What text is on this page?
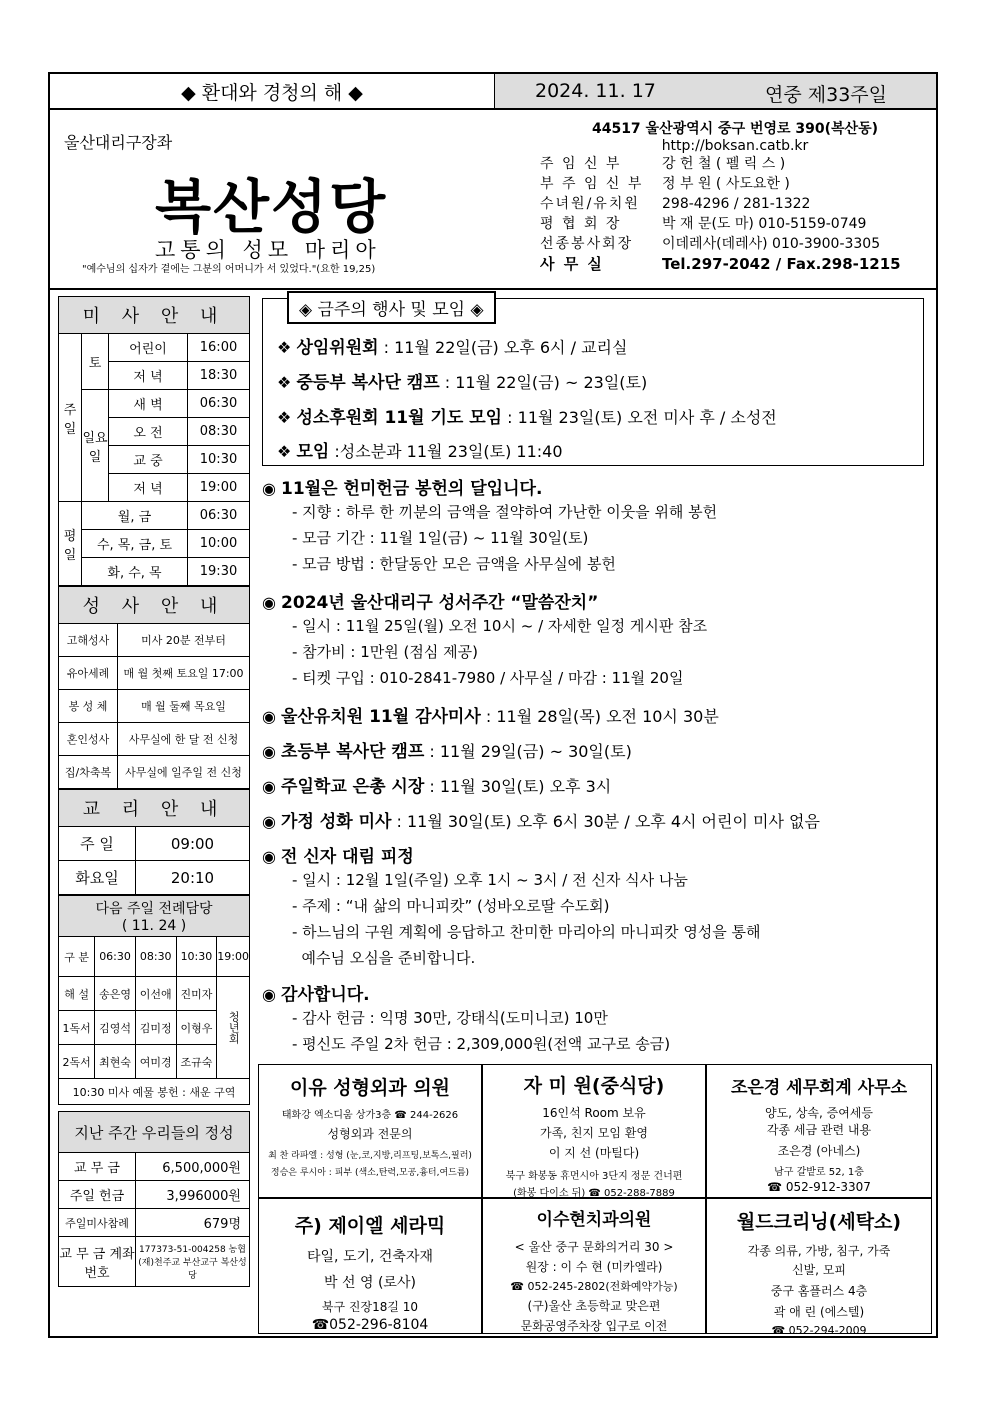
◆ 환대와 경청의 해 ◆	2024. 11. 17	연중 제33주일
울산대리구장좌
복산성당
고통의 성모 마리아
"예수님의 십자가 곁에는 그분의 어머니가 서 있었다."(요한 19,25)
44517 울산광역시 중구 번영로 390(복산동)
http://boksan.catb.kr
주 임 신 부	강 헌 철 ( 펠 릭 스 )
부 주 임 신 부	정 부 원 ( 사도요한 )
수녀원/유치원	298-4296 / 281-1322
평 협 회 장	박 재 문(도 마) 010-5159-0749
선종봉사회장	이데레사(데레사) 010-3900-3305
사 무 실	Tel.297-2042 / Fax.298-1215
미 사 안 내			
주일	토	어린이	16:00
		저 녁	18:30
	일요일	새 벽	06:30
		오 전	08:30
		교 중	10:30
		저 녁	19:00
평일	월, 금		06:30
	수, 목, 금, 토		10:00
	화, 수, 목		19:30
성 사 안 내	
고해성사	미사 20분 전부터
유아세례	매 월 첫째 토요일 17:00
봉 성 체	매 월 둘째 목요일
혼인성사	사무실에 한 달 전 신청
집/차축복	사무실에 일주일 전 신청
교 리 안 내	
주 일	09:00
화요일	20:10
다음 주일 전례담당
( 11. 24 )				
구 분	06:30	08:30	10:30	19:00
해 설	송은영	이선애	진미자	청년회
1독서	김영석	김미정	이형우	
2독서	최현숙	여미경	조규숙	
10:30 미사 예물 봉헌 : 새운 구역				
지난 주간 우리들의 정성	
교 무 금	6,500,000원
주일 헌금	3,996000원
주일미사참례	679명
교 무 금 계좌번호	177373-51-004258 농협 (재)천주교 부산교구 복산성당
◈ 금주의 행사 및 모임 ◈
❖ 상임위원회 : 11월 22일(금) 오후 6시 / 교리실
❖ 중등부 복사단 캠프 : 11월 22일(금) ~ 23일(토)
❖ 성소후원회 11월 기도 모임 : 11월 23일(토) 오전 미사 후 / 소성전
❖ 모임 :성소분과 11월 23일(토) 11:40
◉ 11월은 헌미헌금 봉헌의 달입니다.
- 지향 : 하루 한 끼분의 금액을 절약하여 가난한 이웃을 위해 봉헌
- 모금 기간 : 11월 1일(금) ~ 11월 30일(토)
- 모금 방법 : 한달동안 모은 금액을 사무실에 봉헌
◉ 2024년 울산대리구 성서주간 “말씀잔치”
- 일시 : 11월 25일(월) 오전 10시 ~ / 자세한 일정 게시판 참조
- 참가비 : 1만원 (점심 제공)
- 티켓 구입 : 010-2841-7980 / 사무실 / 마감 : 11월 20일
◉ 울산유치원 11월 감사미사 : 11월 28일(목) 오전 10시 30분
◉ 초등부 복사단 캠프 : 11월 29일(금) ~ 30일(토)
◉ 주일학교 은총 시장 : 11월 30일(토) 오후 3시
◉ 가정 성화 미사 : 11월 30일(토) 오후 6시 30분 / 오후 4시 어린이 미사 없음
◉ 전 신자 대림 피정
- 일시 : 12월 1일(주일) 오후 1시 ~ 3시 / 전 신자 식사 나눔
- 주제 : “내 삶의 마니피캇” (성바오로딸 수도회)
- 하느님의 구원 계획에 응답하고 찬미한 마리아의 마니피캇 영성을 통해
예수님 오심을 준비합니다.
◉ 감사합니다.
- 감사 헌금 : 익명 30만, 강태식(도미니코) 10만
- 평신도 주일 2차 헌금 : 2,309,000원(전액 교구로 송금)
이유 성형외과 의원
태화강 엑소디움 상가3층 ☎ 244-2626
성형외과 전문의
최 찬 라파엘 : 성형 (눈,코,지방,리프팅,보톡스,필러)
정승은 루시아 : 피부 (색소,탄력,모공,흉터,여드름)
자 미 원(중식당)
16인석 Room 보유
가족, 친지 모임 환영
이 지 선 (마틸다)
북구 화봉동 휴먼시아 3단지 정문 건너편
(화봉 다이소 뒤) ☎ 052-288-7889
조은경 세무회계 사무소
양도, 상속, 증여세등
각종 세금 관련 내용
조은경 (아네스)
남구 갈밭로 52, 1층
☎ 052-912-3307
주) 제이엘 세라믹
타일, 도기, 건축자재
박 선 영 (로사)
북구 진장18길 10
☎052-296-8104
이수현치과의원
< 울산 중구 문화의거리 30 >
원장 : 이 수 현 (미카엘라)
☎ 052-245-2802(전화예약가능)
(구)울산 초등학교 맞은편
문화공영주차장 입구로 이전
월드크리닝(세탁소)
각종 의류, 가방, 침구, 가죽
신발, 모피
중구 홈플러스 4층
곽 애 린 (에스텔)
☎ 052-294-2009
